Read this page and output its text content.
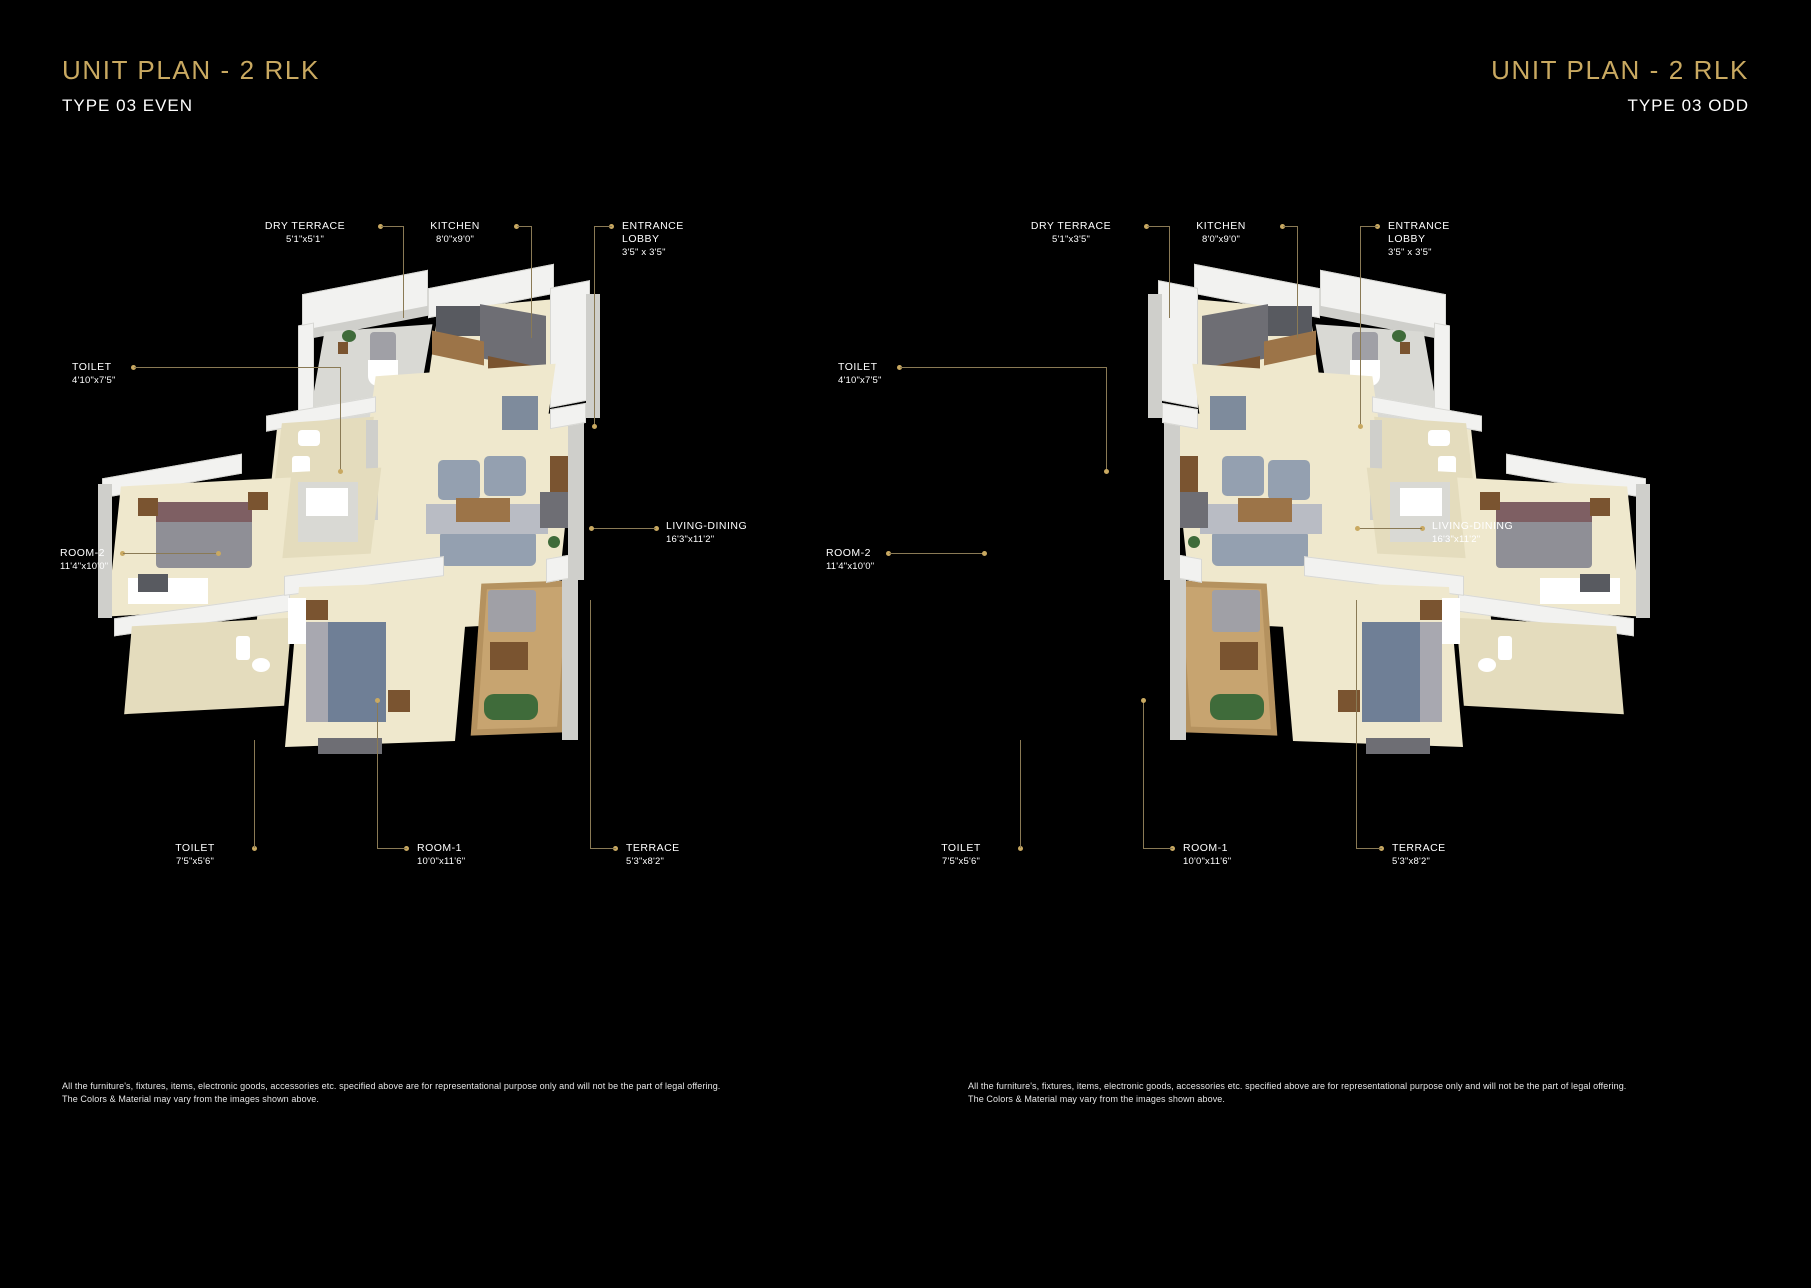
UNIT PLAN - 2 RLK
TYPE 03 EVEN
DRY TERRACE
5'1"x5'1"
KITCHEN
8'0"x9'0"
ENTRANCE
LOBBY
3'5" x 3'5"
TOILET
4'10"x7'5"
ROOM-2
11'4"x10'0"
LIVING-DINING
16'3"x11'2"
TOILET
7'5"x5'6"
ROOM-1
10'0"x11'6"
TERRACE
5'3"x8'2"
All the furniture's, fixtures, items, electronic goods, accessories etc. specified above are for representational purpose only and will not be the part of legal offering. The Colors & Material may vary from the images shown above.
UNIT PLAN - 2 RLK
TYPE 03 ODD
DRY TERRACE
5'1"x3'5"
KITCHEN
8'0"x9'0"
ENTRANCE
LOBBY
3'5" x 3'5"
TOILET
4'10"x7'5"
ROOM-2
11'4"x10'0"
LIVING-DINING
16'3"x11'2"
TOILET
7'5"x5'6"
ROOM-1
10'0"x11'6"
TERRACE
5'3"x8'2"
All the furniture's, fixtures, items, electronic goods, accessories etc. specified above are for representational purpose only and will not be the part of legal offering. The Colors & Material may vary from the images shown above.
